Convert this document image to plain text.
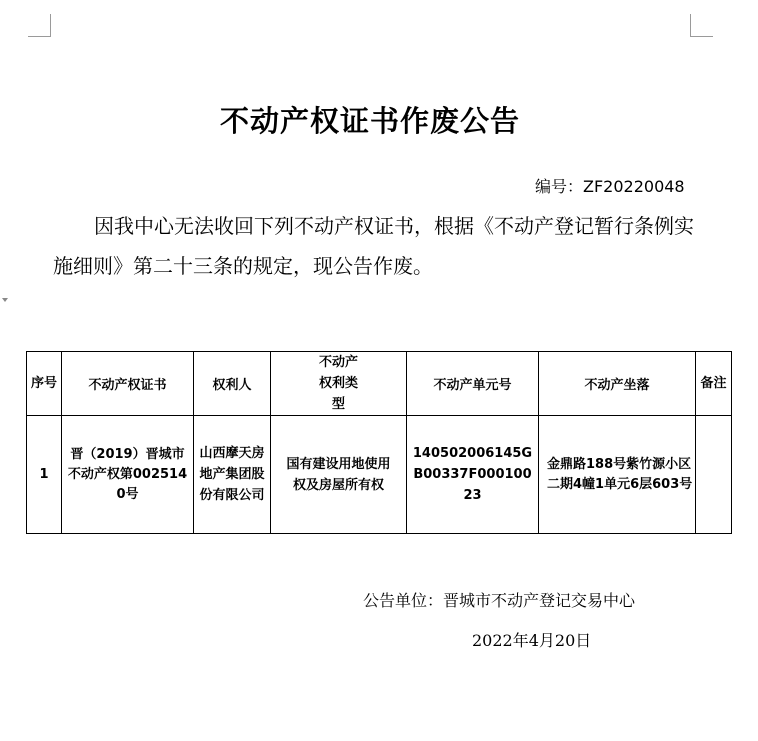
不动产权证书作废公告
编号：ZF20220048

因我中心无法收回下列不动产权证书，根据《不动产登记暂行条例实施细则》第二十三条的规定，现公告作废。

序号	不动产权证书	权利人	不动产权利类型	不动产单元号	不动产坐落	备注
1	晋（2019）晋城市不动产权第0025140号	山西摩天房地产集团股份有限公司	国有建设用地使用权及房屋所有权	140502006145GB00337F00010023	金鼎路188号紫竹源小区二期4幢1单元6层603号	
公告单位：晋城市不动产登记交易中心
2022年4月20日
